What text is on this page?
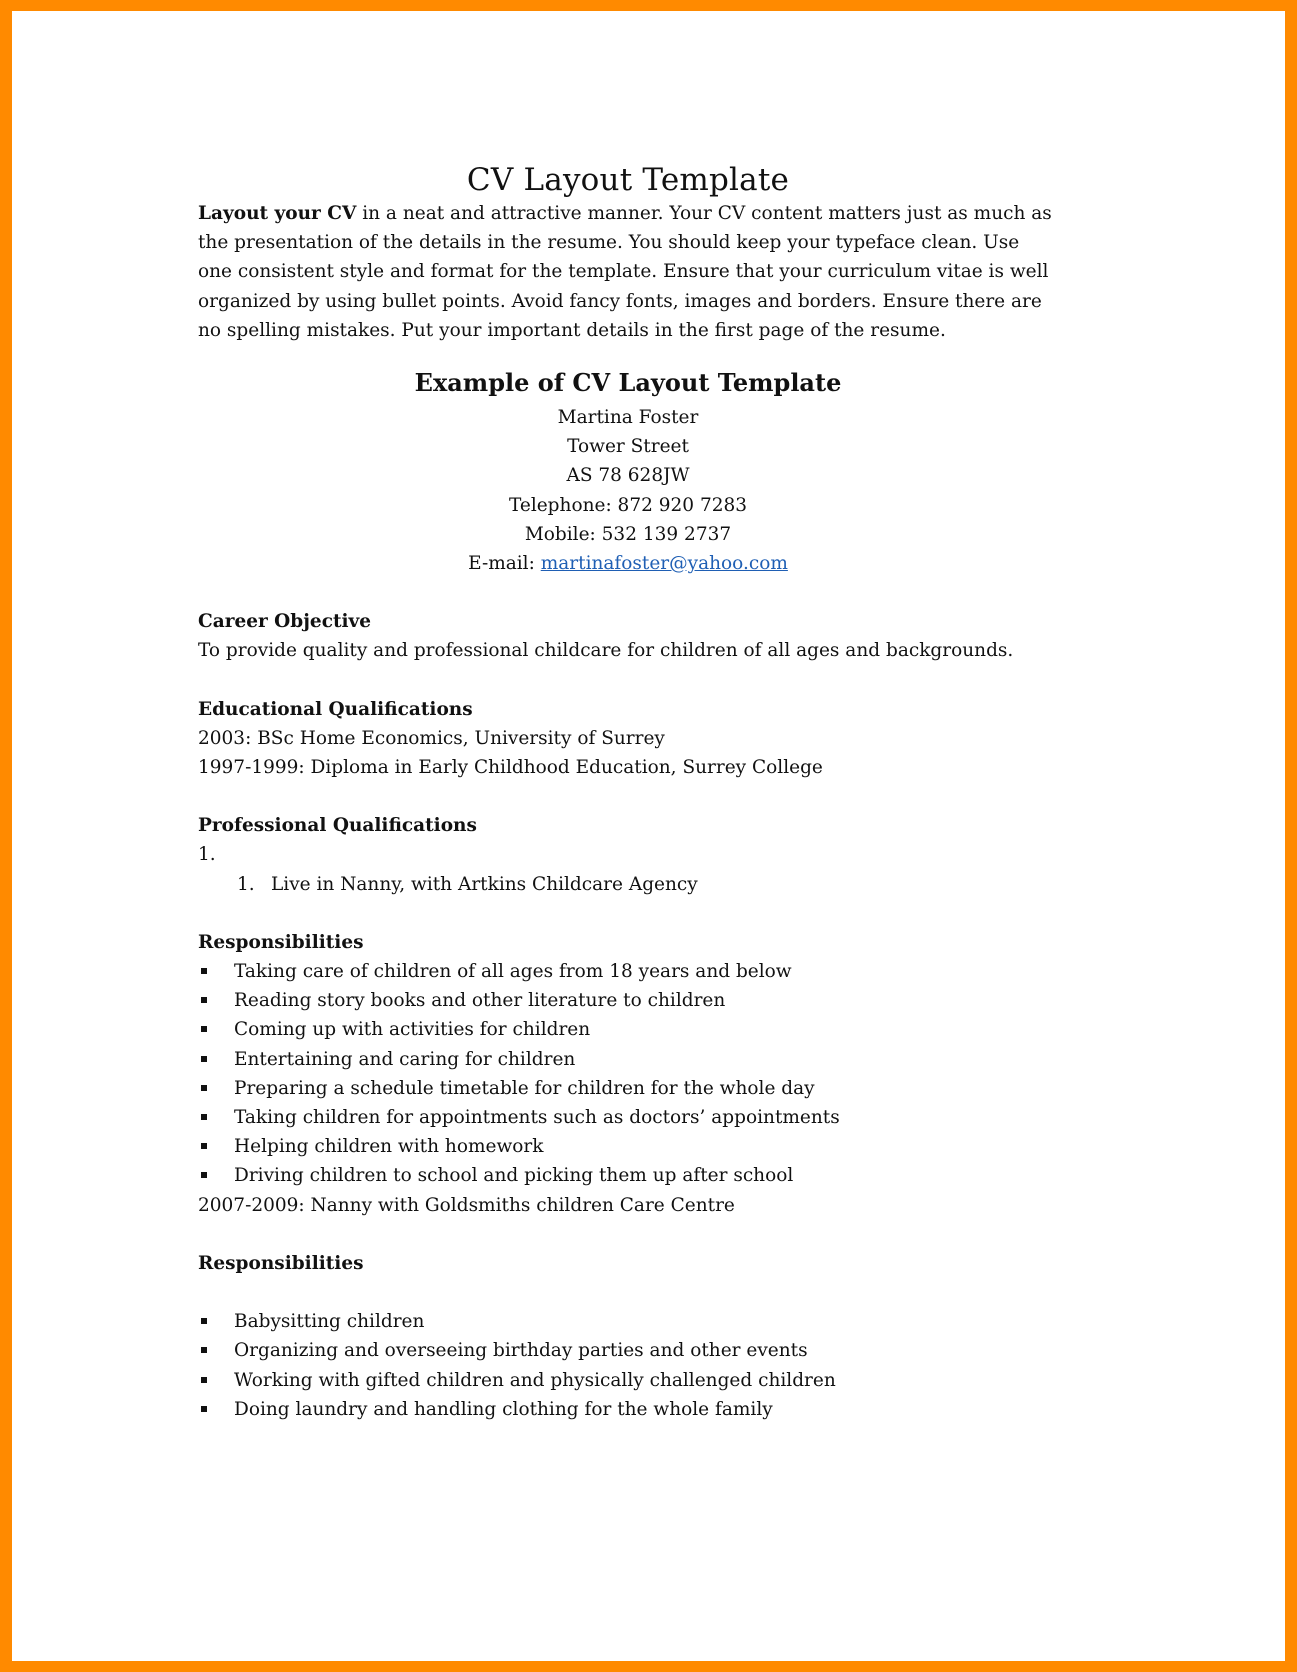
CV Layout Template

Layout your CV in a neat and attractive manner. Your CV content matters just as much as the presentation of the details in the resume. You should keep your typeface clean. Use one consistent style and format for the template. Ensure that your curriculum vitae is well organized by using bullet points. Avoid fancy fonts, images and borders. Ensure there are no spelling mistakes. Put your important details in the first page of the resume.

Example of CV Layout Template

Martina Foster

Tower Street

AS 78 628JW

Telephone: 872 920 7283

Mobile: 532 139 2737

E-mail: martinafoster@yahoo.com

Career Objective

To provide quality and professional childcare for children of all ages and backgrounds.

Educational Qualifications

2003: BSc Home Economics, University of Surrey

1997-1999: Diploma in Early Childhood Education, Surrey College

Professional Qualifications

1.

1. Live in Nanny, with Artkins Childcare Agency

Responsibilities

Taking care of children of all ages from 18 years and below

Reading story books and other literature to children

Coming up with activities for children

Entertaining and caring for children

Preparing a schedule timetable for children for the whole day

Taking children for appointments such as doctors’ appointments

Helping children with homework

Driving children to school and picking them up after school

2007-2009: Nanny with Goldsmiths children Care Centre

Responsibilities

Babysitting children

Organizing and overseeing birthday parties and other events

Working with gifted children and physically challenged children

Doing laundry and handling clothing for the whole family
